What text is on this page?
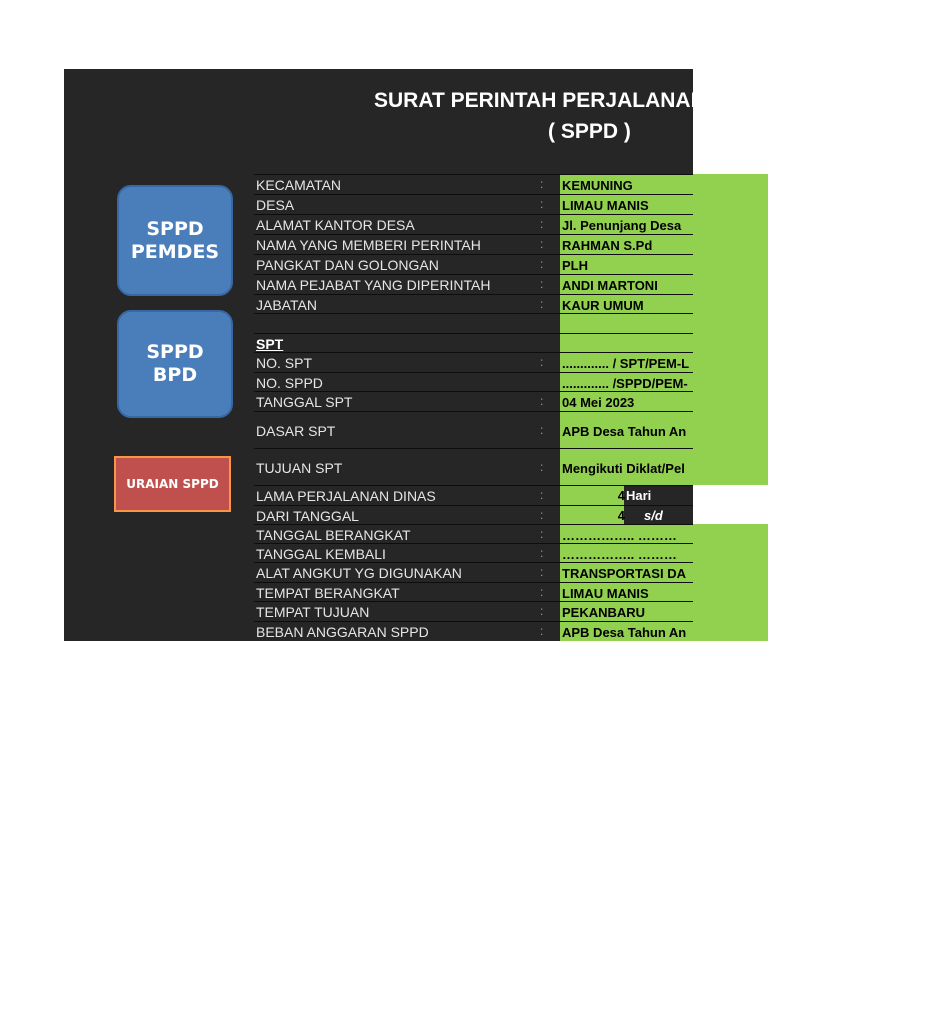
SURAT PERINTAH PERJALANAN DINAS
( SPPD )
SPPD
PEMDES
SPPD
BPD
URAIAN SPPD
KECAMATAN	: KEMUNING
DESA	: LIMAU MANIS
ALAMAT KANTOR DESA	: Jl. Penunjang Desa
NAMA YANG MEMBERI PERINTAH	: RAHMAN S.Pd
PANGKAT DAN GOLONGAN	: PLH
NAMA PEJABAT YANG DIPERINTAH	: ANDI MARTONI
JABATAN	: KAUR UMUM
SPT
NO. SPT	: ............. / SPT/PEM-L
NO. SPPD	............. /SPPD/PEM-
TANGGAL SPT	: 04 Mei 2023
DASAR SPT	: APB Desa Tahun An
TUJUAN SPT	: Mengikuti Diklat/Pel
LAMA PERJALANAN DINAS	:	4 Hari
DARI TANGGAL	:	4 s/d
TANGGAL BERANGKAT	: …………….. ………
TANGGAL KEMBALI	: …………….. ………
ALAT ANGKUT YG DIGUNAKAN	: TRANSPORTASI DA
TEMPAT BERANGKAT	: LIMAU MANIS
TEMPAT TUJUAN	: PEKANBARU
BEBAN ANGGARAN SPPD	: APB Desa Tahun An
